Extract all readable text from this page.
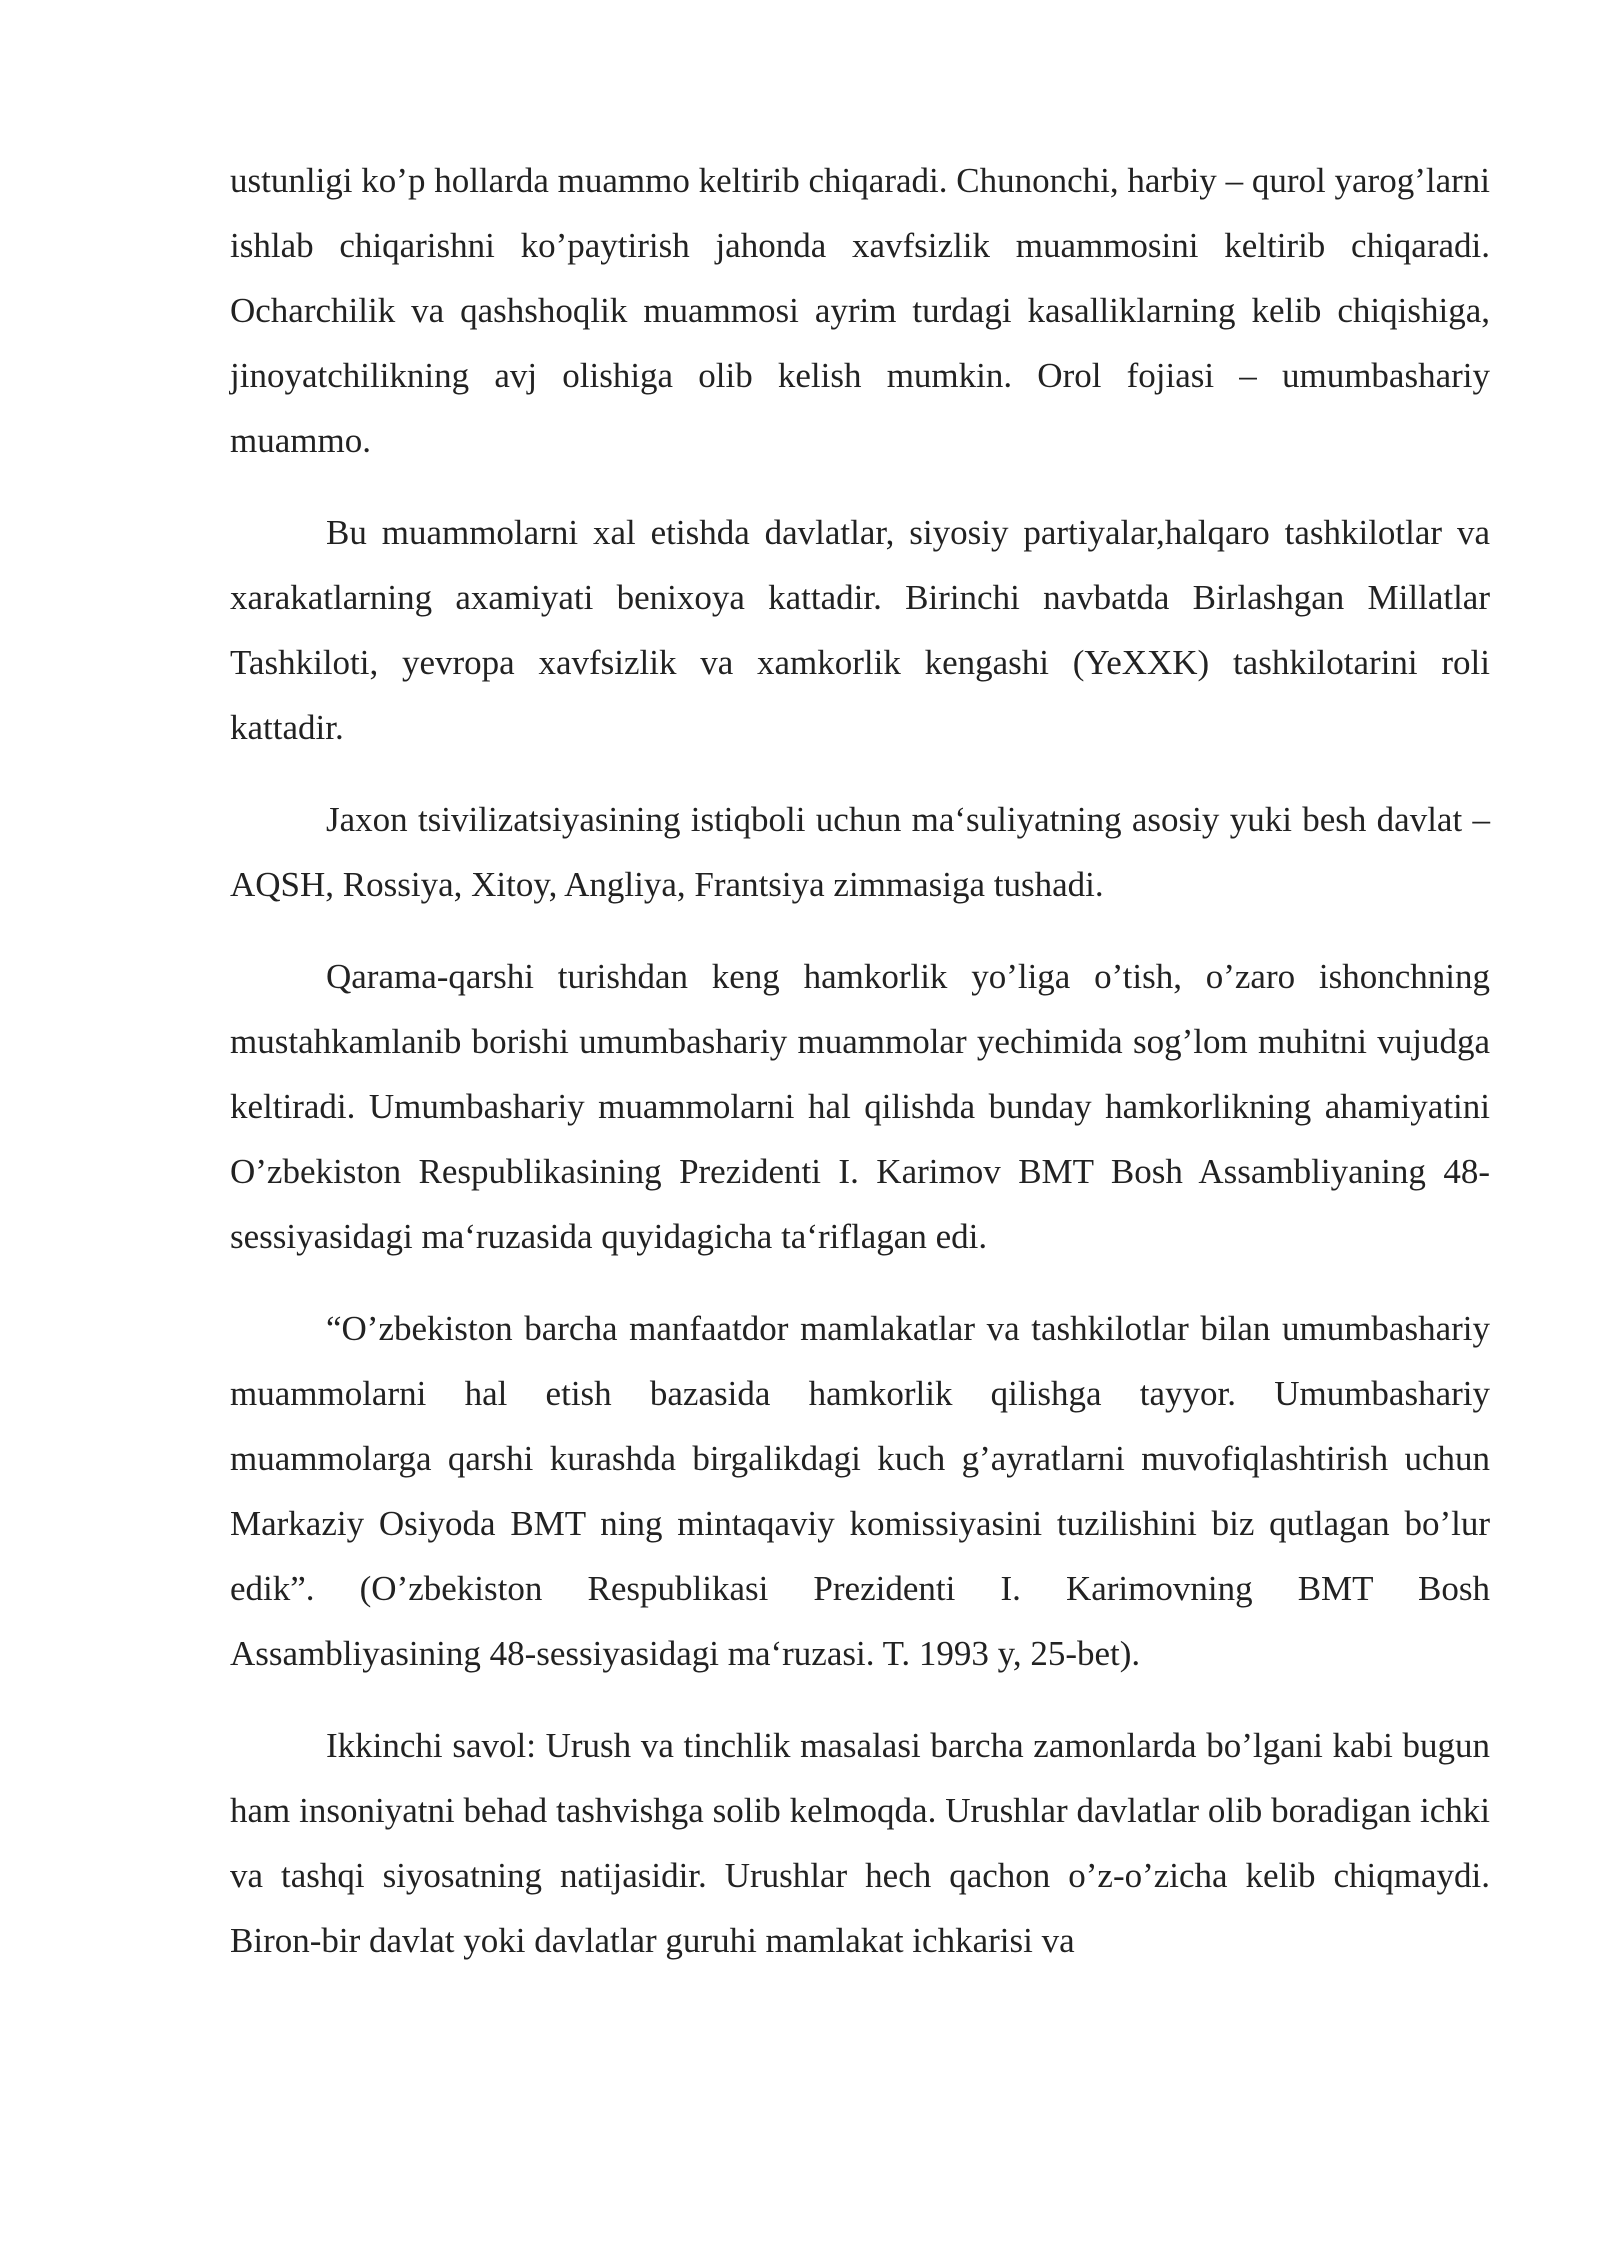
ustunligi ko’p hollarda muammo keltirib chiqaradi. Chunonchi, harbiy – qurol yarog’larni ishlab chiqarishni ko’paytirish jahonda xavfsizlik muammosini keltirib chiqaradi. Ocharchilik va qashshoqlik muammosi ayrim turdagi kasalliklarning kelib chiqishiga, jinoyatchilikning avj olishiga olib kelish mumkin. Orol fojiasi – umumbashariy muammo.

Bu muammolarni xal etishda davlatlar, siyosiy partiyalar,halqaro tashkilotlar va xarakatlarning axamiyati benixoya kattadir. Birinchi navbatda Birlashgan Millatlar Tashkiloti, yevropa xavfsizlik va xamkorlik kengashi (YeXXK) tashkilotarini roli kattadir.

Jaxon tsivilizatsiyasining istiqboli uchun ma‘suliyatning asosiy yuki besh davlat – AQSH, Rossiya, Xitoy, Angliya, Frantsiya zimmasiga tushadi.

Qarama-qarshi turishdan keng hamkorlik yo’liga o’tish, o’zaro ishonchning mustahkamlanib borishi umumbashariy muammolar yechimida sog’lom muhitni vujudga keltiradi. Umumbashariy muammolarni hal qilishda bunday hamkorlikning ahamiyatini O’zbekiston Respublikasining Prezidenti I. Karimov BMT Bosh Assambliyaning 48-sessiyasidagi ma‘ruzasida quyidagicha ta‘riflagan edi.

“O’zbekiston barcha manfaatdor mamlakatlar va tashkilotlar bilan umumbashariy muammolarni hal etish bazasida hamkorlik qilishga tayyor. Umumbashariy muammolarga qarshi kurashda birgalikdagi kuch g’ayratlarni muvofiqlashtirish uchun Markaziy Osiyoda BMT ning mintaqaviy komissiyasini tuzilishini biz qutlagan bo’lur edik”. (O’zbekiston Respublikasi Prezidenti I. Karimovning BMT Bosh Assambliyasining 48-sessiyasidagi ma‘ruzasi. T. 1993 y, 25-bet).

Ikkinchi savol: Urush va tinchlik masalasi barcha zamonlarda bo’lgani kabi bugun ham insoniyatni behad tashvishga solib kelmoqda. Urushlar davlatlar olib boradigan ichki va tashqi siyosatning natijasidir. Urushlar hech qachon o’z-o’zicha kelib chiqmaydi. Biron-bir davlat yoki davlatlar guruhi mamlakat ichkarisi va
